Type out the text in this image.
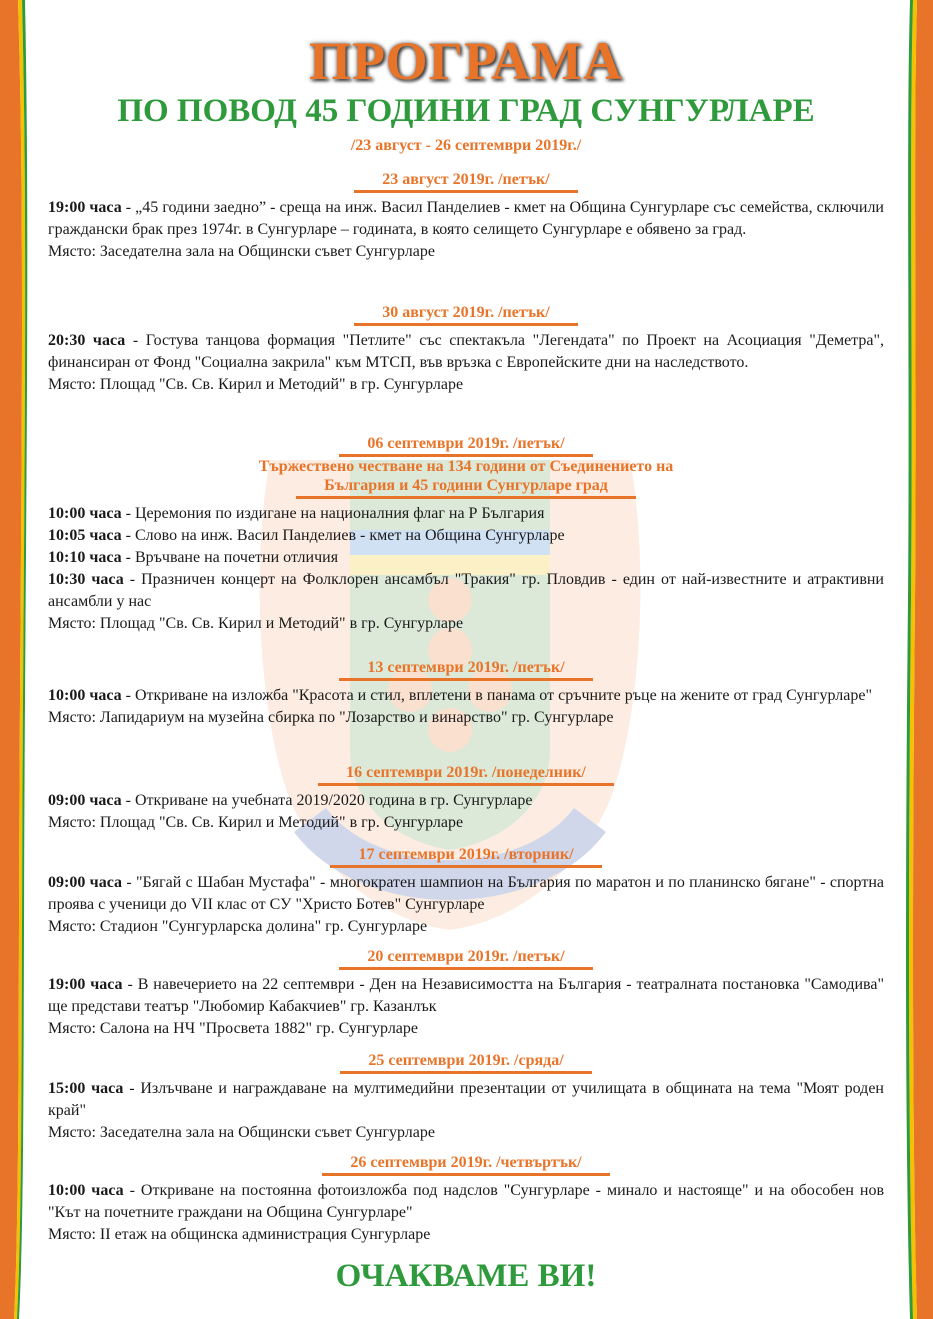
ПРОГРАМА
ПО ПОВОД 45 ГОДИНИ ГРАД СУНГУРЛАРЕ
/23 август - 26 септември 2019г./
23 август 2019г. /петък/

19:00 часа - „45 години заедно” - среща на инж. Васил Панделиев - кмет на Община Сунгурларе със семейства, сключили граждански брак през 1974г. в Сунгурларе – годината, в която селището Сунгурларе е обявено за град.

Място: Заседателна зала на Общински съвет Сунгурларе

30 август 2019г. /петък/

20:30 часа - Гостува танцова формация "Петлите" със спектакъла "Легендата" по Проект на Асоциация "Деметра", финансиран от Фонд "Социална закрила" към МТСП, във връзка с Европейските дни на наследството.

Място: Площад "Св. Св. Кирил и Методий" в гр. Сунгурларе

06 септември 2019г. /петък/
Тържествено честване на 134 години от Съединението на
България и 45 години Сунгурларе град

10:00 часа - Церемония по издигане на националния флаг на Р България

10:05 часа - Слово на инж. Васил Панделиев - кмет на Община Сунгурларе

10:10 часа - Връчване на почетни отличия

10:30 часа - Празничен концерт на Фолклорен ансамбъл "Тракия" гр. Пловдив - един от най-известните и атрактивни ансамбли у нас

Място: Площад "Св. Св. Кирил и Методий" в гр. Сунгурларе

13 септември 2019г. /петък/

10:00 часа - Откриване на изложба "Красота и стил, вплетени в панама от сръчните ръце на жените от град Сунгурларе"

Място: Лапидариум на музейна сбирка по "Лозарство и винарство" гр. Сунгурларе

16 септември 2019г. /понеделник/

09:00 часа - Откриване на учебната 2019/2020 година в гр. Сунгурларе

Място: Площад "Св. Св. Кирил и Методий" в гр. Сунгурларе

17 септември 2019г. /вторник/

09:00 часа - "Бягай с Шабан Мустафа" - многократен шампион на България по маратон и по планинско бягане" - спортна проява с ученици до VII клас от СУ "Христо Ботев" Сунгурларе

Място: Стадион "Сунгурларска долина" гр. Сунгурларе

20 септември 2019г. /петък/

19:00 часа - В навечерието на 22 септември - Ден на Независимостта на България - театралната постановка "Самодива" ще представи театър "Любомир Кабакчиев" гр. Казанлък

Място: Салона на НЧ "Просвета 1882" гр. Сунгурларе

25 септември 2019г. /сряда/

15:00 часа - Излъчване и награждаване на мултимедийни презентации от училищата в общината на тема "Моят роден край"

Място: Заседателна зала на Общински съвет Сунгурларе

26 септември 2019г. /четвъртък/

10:00 часа - Откриване на постоянна фотоизложба под надслов "Сунгурларе - минало и настояще" и на обособен нов "Кът на почетните граждани на Община Сунгурларе"

Място: II етаж на общинска администрация Сунгурларе

ОЧАКВАМЕ ВИ!
